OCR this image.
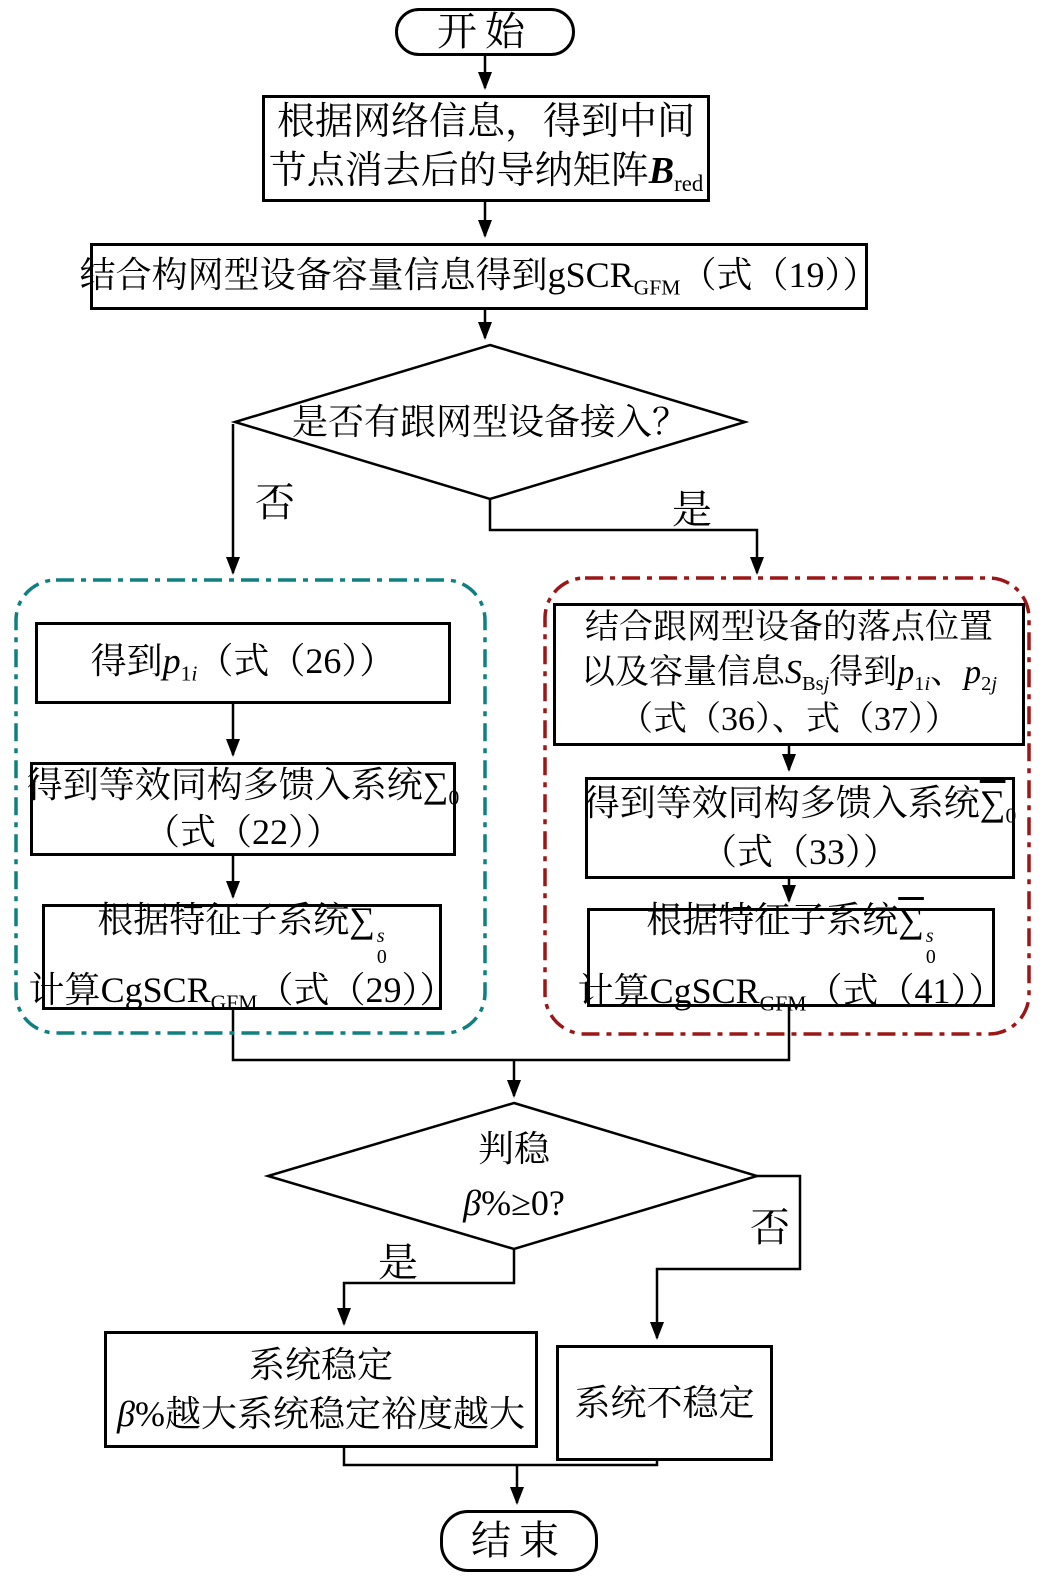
开始
根据网络信息，得到中间
节点消去后的导纳矩阵$B_{red}$
结合构网型设备容量信息得到gSCR$_{GFM}$（式（19））
是否有跟网型设备接入？
否	是
得到$p_{1i}$（式（26））
得到等效同构多馈入系统$\sum_0$
（式（22））
根据特征子系统∑ s
0
计算CgSCR$_{GFM}$（式（29））
结合跟网型设备的落点位置
以及容量信息$S_{Bsj}$得到$p_{1i}$、$p_{2j}$
（式（36）、式（37））
得到等效同构多馈入系统$\sum_0$
（式（33））
根据特征子系统∑ s
0
计算CgSCR$_{GFM}$（式（41））
判稳
β%≥0?
是
否
系统稳定
β%越大系统稳定裕度越大 系统不稳定
结束
